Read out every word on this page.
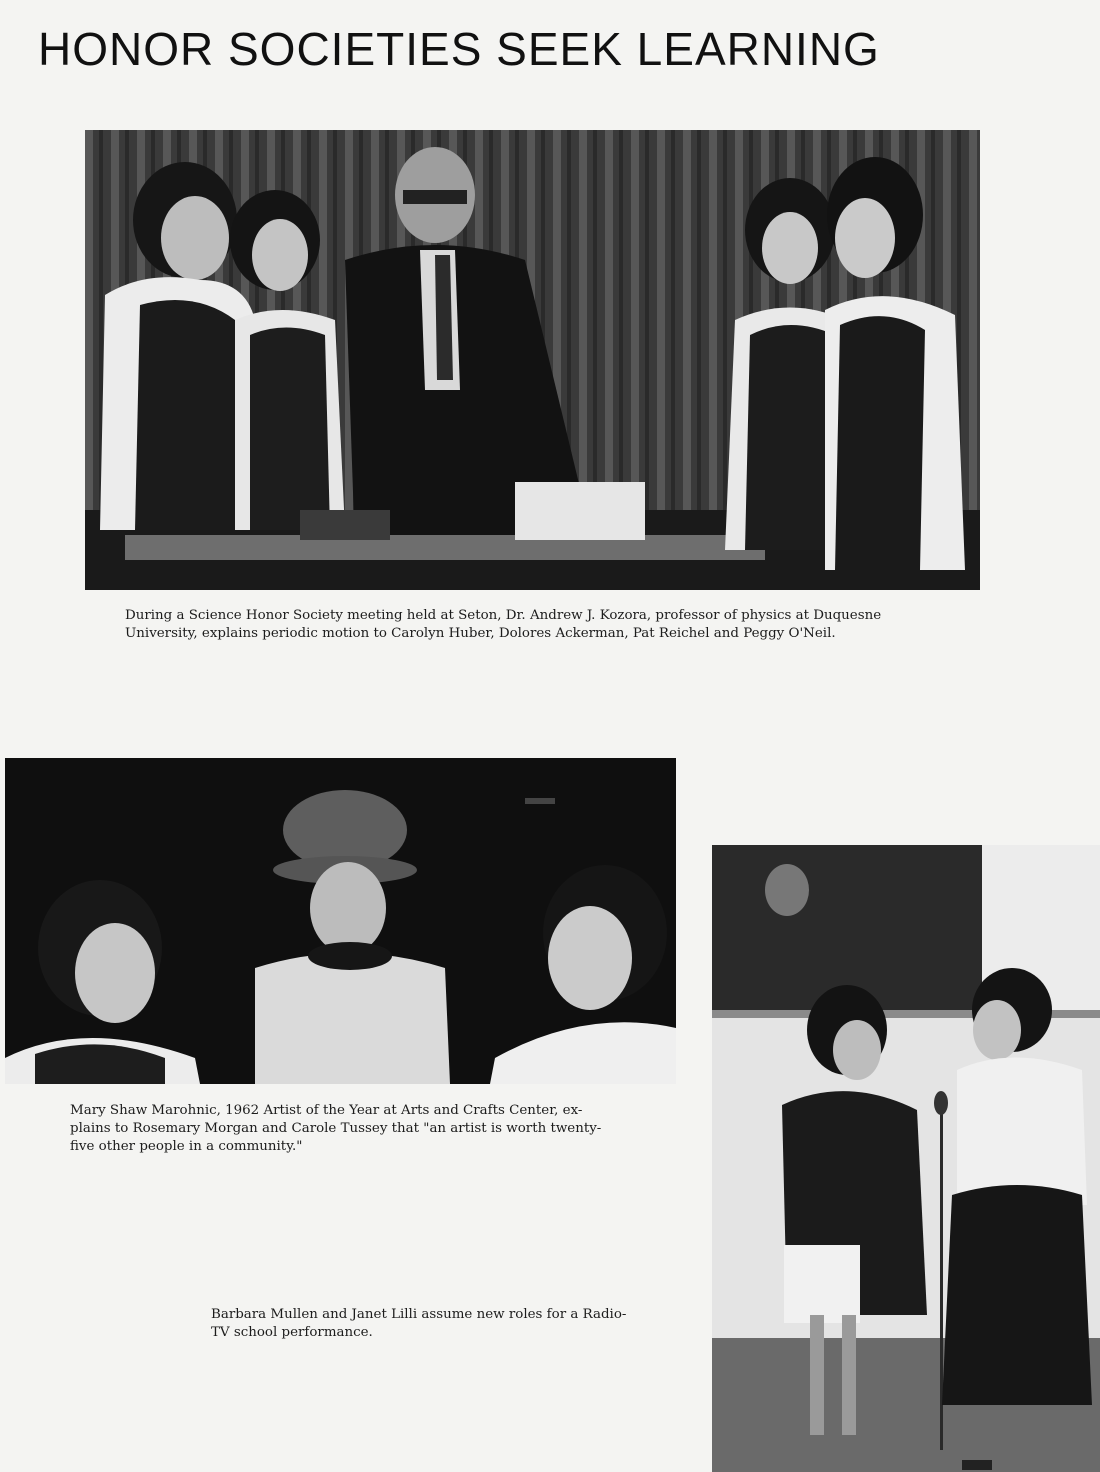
HONOR SOCIETIES SEEK LEARNING

During a Science Honor Society meeting held at Seton, Dr. Andrew J. Kozora, professor of physics at Duquesne
University, explains periodic motion to Carolyn Huber, Dolores Ackerman, Pat Reichel and Peggy O'Neil.

Mary Shaw Marohnic, 1962 Artist of the Year at Arts and Crafts Center, ex-
plains to Rosemary Morgan and Carole Tussey that "an artist is worth twenty-
five other people in a community."

Barbara Mullen and Janet Lilli assume new roles for a Radio-
TV school performance.
